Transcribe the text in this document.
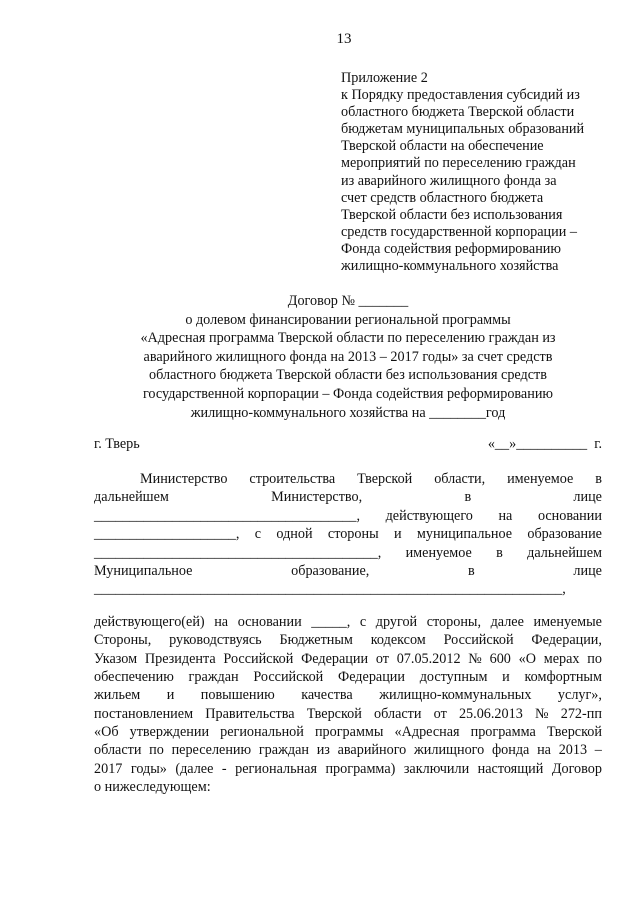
13
Приложение 2
к Порядку предоставления субсидий из
областного бюджета Тверской области
бюджетам муниципальных образований
Тверской области на обеспечение
мероприятий по переселению граждан
из аварийного жилищного фонда за
счет средств областного бюджета
Тверской области без использования
средств государственной корпорации –
Фонда содействия реформированию
жилищно-коммунального хозяйства
Договор № _______
о долевом финансировании региональной программы
«Адресная программа Тверской области по переселению граждан из
аварийного жилищного фонда на 2013 – 2017 годы» за счет средств
областного бюджета Тверской области без использования средств
государственной корпорации – Фонда содействия реформированию
жилищно-коммунального хозяйства на ________год
г. Тверь	«__»__________  г.
Министерство строительства Тверской области, именуемое в
дальнейшем	Министерство,	в	лице
_____________________________________, действующего на основании
____________________, с одной стороны и муниципальное образование
________________________________________, именуемое в дальнейшем
Муниципальное	образование,	в	лице
__________________________________________________________________,
действующего(ей) на основании _____, с другой стороны, далее именуемые
Стороны, руководствуясь Бюджетным кодексом Российской Федерации,
Указом Президента Российской Федерации от 07.05.2012 № 600 «О мерах по
обеспечению граждан Российской Федерации доступным и комфортным
жильем и повышению качества жилищно-коммунальных услуг»,
постановлением Правительства Тверской области от 25.06.2013 № 272-пп
«Об утверждении региональной программы «Адресная программа Тверской
области по переселению граждан из аварийного жилищного фонда на 2013 –
2017 годы» (далее - региональная программа) заключили настоящий Договор
о нижеследующем:
